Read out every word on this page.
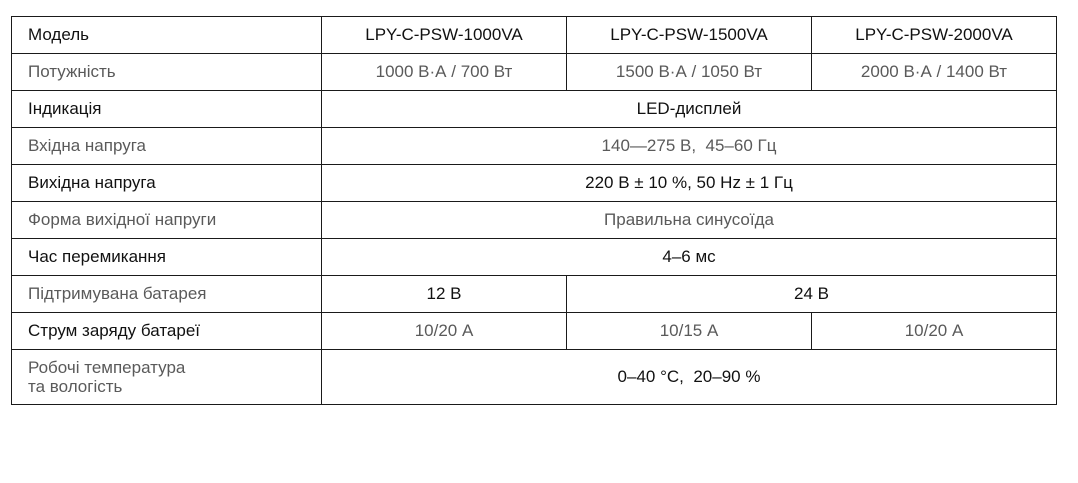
Модель	LPY-C-PSW-1000VA	LPY-C-PSW-1500VA	LPY-C-PSW-2000VA
Потужність	1000 В·А / 700 Вт	1500 В·А / 1050 Вт	2000 В·А / 1400 Вт
Індикація	LED-дисплей		
Вхідна напруга	140—275 В,  45–60 Гц		
Вихідна напруга	220 В ± 10 %, 50 Hz ± 1 Гц		
Форма вихідної напруги	Правильна синусоїда		
Час перемикання	4–6 мс		
Підтримувана батарея	12 В	24 В	
Струм заряду батареї	10/20 А	10/15 А	10/20 А

Робочі температура
та вологість	0–40 °C,  20–90 %		
